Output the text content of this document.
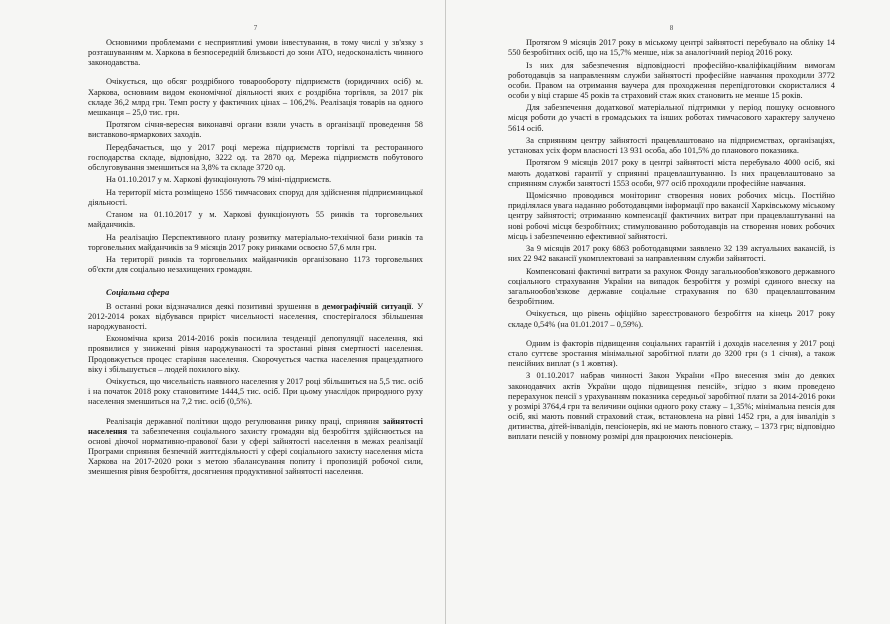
7

Основними проблемами є несприятливі умови інвестування, в тому числі у зв'язку з розташуванням м. Харкова в безпосередній близькості до зони АТО, недосконалість чинного законодавства.

Очікується, що обсяг роздрібного товарообороту підприємств (юридичних осіб) м. Харкова, основним видом економічної діяльності яких є роздрібна торгівля, за 2017 рік складе 36,2 млрд грн. Темп росту у фактичних цінах – 106,2%. Реалізація товарів на одного мешканця – 25,0 тис. грн.

Протягом січня-вересня виконавчі органи взяли участь в організації проведення 58 виставково-ярмаркових заходів.

Передбачається, що у 2017 році мережа підприємств торгівлі та ресторанного господарства складе, відповідно, 3222 од. та 2870 од. Мережа підприємств побутового обслуговування зменшиться на 3,8% та складе 3720 од.

На 01.10.2017 у м. Харкові функціонують 79 міні-підприємств.

На території міста розміщено 1556 тимчасових споруд для здійснення підприємницької діяльності.

Станом на 01.10.2017 у м. Харкові функціонують 55 ринків та торговельних майданчиків.

На реалізацію Перспективного плану розвитку матеріально-технічної бази ринків та торговельних майданчиків за 9 місяців 2017 року ринками освоєно 57,6 млн грн.

На території ринків та торговельних майданчиків організовано 1173 торговельних об'єкти для соціально незахищених громадян.

Соціальна сфера

В останні роки відзначалися деякі позитивні зрушення в демографічній ситуації. У 2012-2014 роках відбувався приріст чисельності населення, спостерігалося збільшення народжуваності.

Економічна криза 2014-2016 років посилила тенденції депопуляції населення, які проявилися у зниженні рівня народжуваності та зростанні рівня смертності населення. Продовжується процес старіння населення. Скорочується частка населення працездатного віку і збільшується – людей похилого віку.

Очікується, що чисельність наявного населення у 2017 році збільшиться на 5,5 тис. осіб і на початок 2018 року становитиме 1444,5 тис. осіб. При цьому унаслідок природного руху населення зменшиться на 7,2 тис. осіб (0,5%).

Реалізація державної політики щодо регулювання ринку праці, сприяння зайнятості населення та забезпечення соціального захисту громадян від безробіття здійснюється на основі діючої нормативно-правової бази у сфері зайнятості населення в межах реалізації Програми сприяння безпечній життєдіяльності у сфері соціального захисту населення міста Харкова на 2017-2020 роки з метою збалансування попиту і пропозицій робочої сили, зменшення рівня безробіття, досягнення продуктивної зайнятості населення.

8

Протягом 9 місяців 2017 року в міському центрі зайнятості перебувало на обліку 14 550 безробітних осіб, що на 15,7% менше, ніж за аналогічний період 2016 року.

Із них для забезпечення відповідності професійно-кваліфікаційним вимогам роботодавців за направленням служби зайнятості професійне навчання проходили 3772 особи. Правом на отримання ваучера для проходження перепідготовки скористалися 4 особи у віці старше 45 років та страховий стаж яких становить не менше 15 років.

Для забезпечення додаткової матеріальної підтримки у період пошуку основного місця роботи до участі в громадських та інших роботах тимчасового характеру залучено 5614 осіб.

За сприянням центру зайнятості працевлаштовано на підприємствах, організаціях, установах усіх форм власності 13 931 особа, або 101,5% до планового показника.

Протягом 9 місяців 2017 року в центрі зайнятості міста перебувало 4000 осіб, які мають додаткові гарантії у сприянні працевлаштуванню. Із них працевлаштовано за сприянням служби занятості 1553 особи, 977 осіб проходили професійне навчання.

Щомісячно проводився моніторинг створення нових робочих місць. Постійно приділялася увага наданню роботодавцями інформації про вакансії Харківському міському центру зайнятості; отриманню компенсації фактичних витрат при працевлаштуванні на нові робочі місця безробітних; стимулюванню роботодавців на створення нових робочих місць і забезпеченню ефективної зайнятості.

За 9 місяців 2017 року 6863 роботодавцями заявлено 32 139 актуальних вакансій, із них 22 942 вакансії укомплектовані за направленням служби зайнятості.

Компенсовані фактичні витрати за рахунок Фонду загальнообов'язкового державного соціального страхування України на випадок безробіття у розмірі єдиного внеску на загальнообов'язкове державне соціальне страхування по 630 працевлаштованим безробітним.

Очікується, що рівень офіційно зареєстрованого безробіття на кінець 2017 року складе 0,54% (на 01.01.2017 – 0,59%).

Одним із факторів підвищення соціальних гарантій і доходів населення у 2017 році стало суттєве зростання мінімальної заробітної плати до 3200 грн (з 1 січня), а також пенсійних виплат (з 1 жовтня).

З 01.10.2017 набрав чинності Закон України «Про внесення змін до деяких законодавчих актів України щодо підвищення пенсій», згідно з яким проведено перерахунок пенсії з урахуванням показника середньої заробітної плати за 2014-2016 роки у розмірі 3764,4 грн та величини оцінки одного року стажу – 1,35%; мінімальна пенсія для осіб, які мають повний страховий стаж, встановлена на рівні 1452 грн, а для інвалідів з дитинства, дітей-інвалідів, пенсіонерів, які не мають повного стажу, – 1373 грн; відповідно виплати пенсій у повному розмірі для працюючих пенсіонерів.
